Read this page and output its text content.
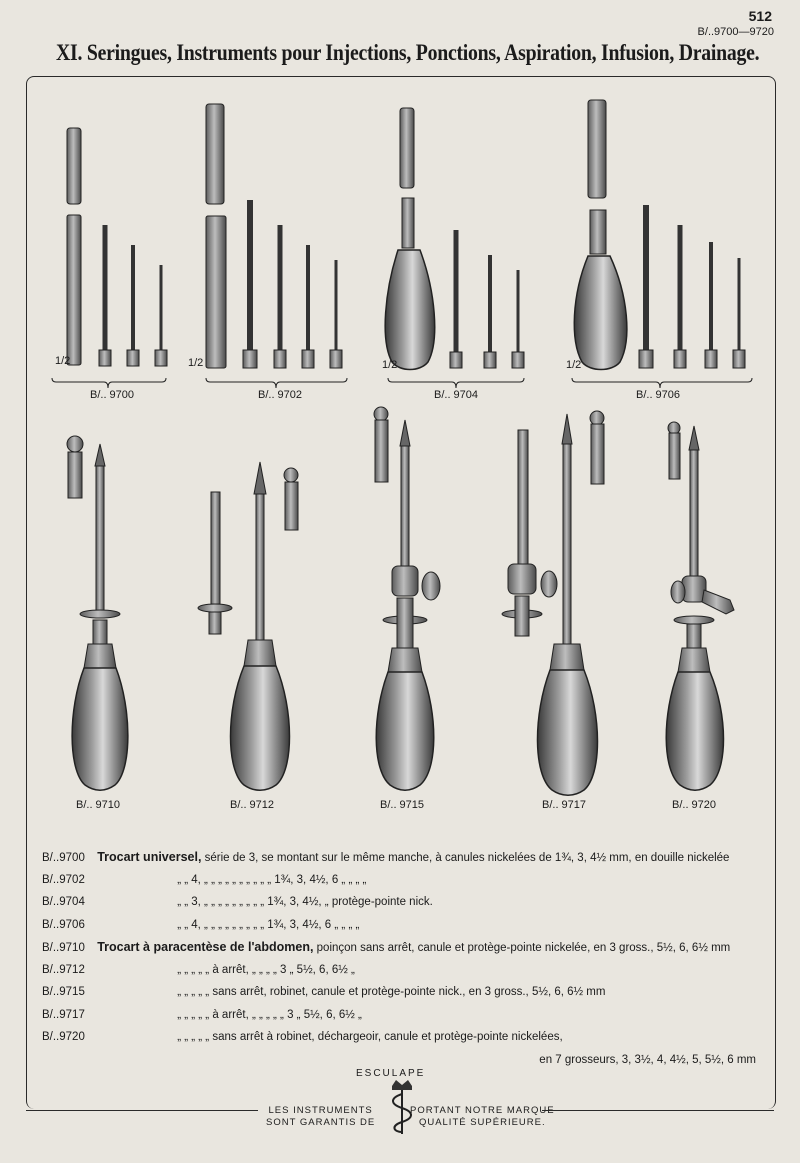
512
B/..9700—9720
XI. Seringues, Instruments pour Injections, Ponctions, Aspiration, Infusion, Drainage.
1/2	1/2	1/2	1/2
B/.. 9700	B/.. 9702	B/.. 9704	B/.. 9706
B/.. 9710	B/.. 9712	B/.. 9715	B/.. 9717	B/.. 9720
B/..9700 Trocart universel, série de 3, se montant sur le même manche, à canules nickelées de 1¾, 3, 4½ mm, en douille nickelée
B/..9702	„ „ 4, „ „ „ „ „ „ „ „ „ „ 1¾, 3, 4½, 6 „ „ „ „
B/..9704	„ „ 3, „ „ „ „ „ „ „ „ „ 1¾, 3, 4½, „ protège-pointe nick.
B/..9706	„ „ 4, „ „ „ „ „ „ „ „ „ 1¾, 3, 4½, 6 „ „ „ „
B/..9710 Trocart à paracentèse de l'abdomen, poinçon sans arrêt, canule et protège-pointe nickelée, en 3 gross., 5½, 6, 6½ mm
B/..9712	„ „ „ „ „ à arrêt, „ „ „ „ 3 „ 5½, 6, 6½ „
B/..9715	„ „ „ „ „ sans arrêt, robinet, canule et protège-pointe nick., en 3 gross., 5½, 6, 6½ mm
B/..9717	„ „ „ „ „ à arrêt, „ „ „ „ „ 3 „ 5½, 6, 6½ „
B/..9720	„ „ „ „ „ sans arrêt à robinet, déchargeoir, canule et protège-pointe nickelées,
en 7 grosseurs, 3, 3½, 4, 4½, 5, 5½, 6 mm
ESCULAPE
LES INSTRUMENTS
SONT GARANTIS DE
PORTANT NOTRE MARQUE
QUALITÉ SUPÉRIEURE.
